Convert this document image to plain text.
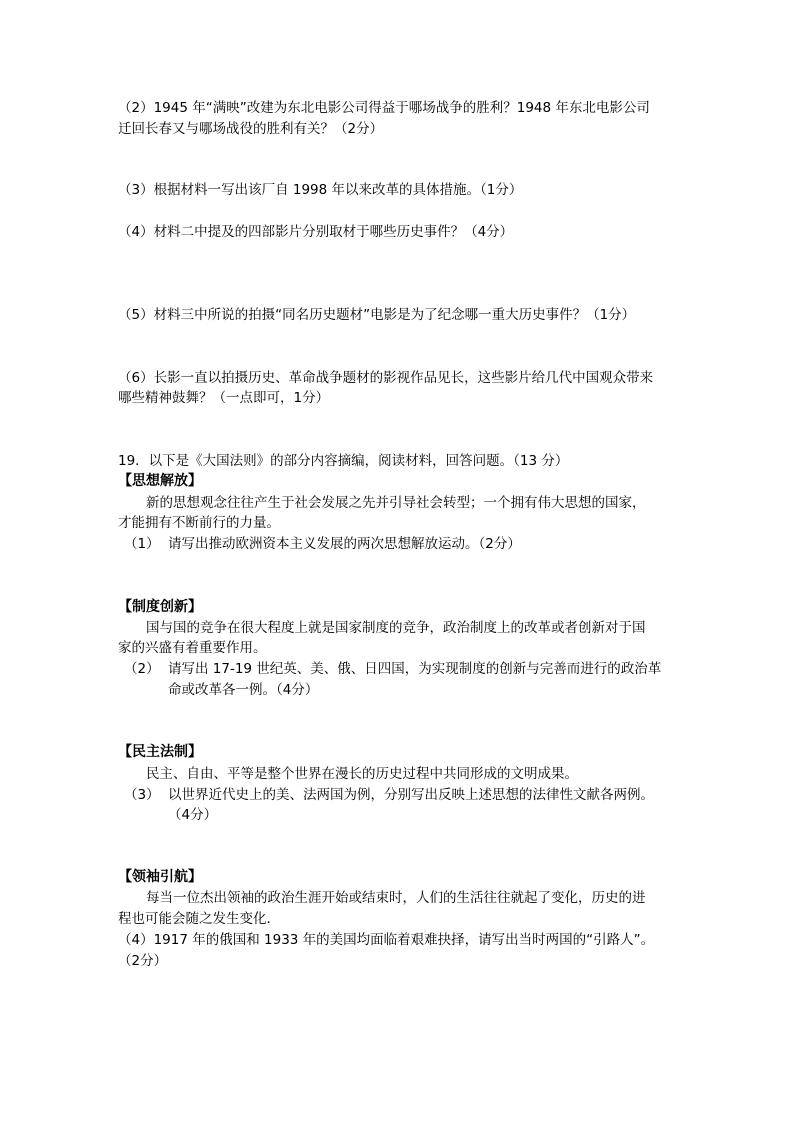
（2）1945 年“满映”改建为东北电影公司得益于哪场战争的胜利？1948 年东北电影公司
迁回长春又与哪场战役的胜利有关？（2分）
（3）根据材料一写出该厂自 1998 年以来改革的具体措施。（1分）
（4）材料二中提及的四部影片分别取材于哪些历史事件？（4分）
（5）材料三中所说的拍摄“同名历史题材”电影是为了纪念哪一重大历史事件？（1分）
（6）长影一直以拍摄历史、革命战争题材的影视作品见长，这些影片给几代中国观众带来
哪些精神鼓舞？（一点即可，1分）
19．以下是《大国法则》的部分内容摘编，阅读材料，回答问题。（13 分）
【思想解放】
新的思想观念往往产生于社会发展之先并引导社会转型；一个拥有伟大思想的国家，
才能拥有不断前行的力量。
（1） 请写出推动欧洲资本主义发展的两次思想解放运动。（2分）
【制度创新】
国与国的竞争在很大程度上就是国家制度的竞争，政治制度上的改革或者创新对于国
家的兴盛有着重要作用。
（2） 请写出 17-19 世纪英、美、俄、日四国，为实现制度的创新与完善而进行的政治革
命或改革各一例。（4分）
【民主法制】
民主、自由、平等是整个世界在漫长的历史过程中共同形成的文明成果。
（3） 以世界近代史上的美、法两国为例，分别写出反映上述思想的法律性文献各两例。
（4分）
【领袖引航】
每当一位杰出领袖的政治生涯开始或结束时，人们的生活往往就起了变化，历史的进
程也可能会随之发生变化．
（4）1917 年的俄国和 1933 年的美国均面临着艰难抉择，请写出当时两国的“引路人”。
（2分）
